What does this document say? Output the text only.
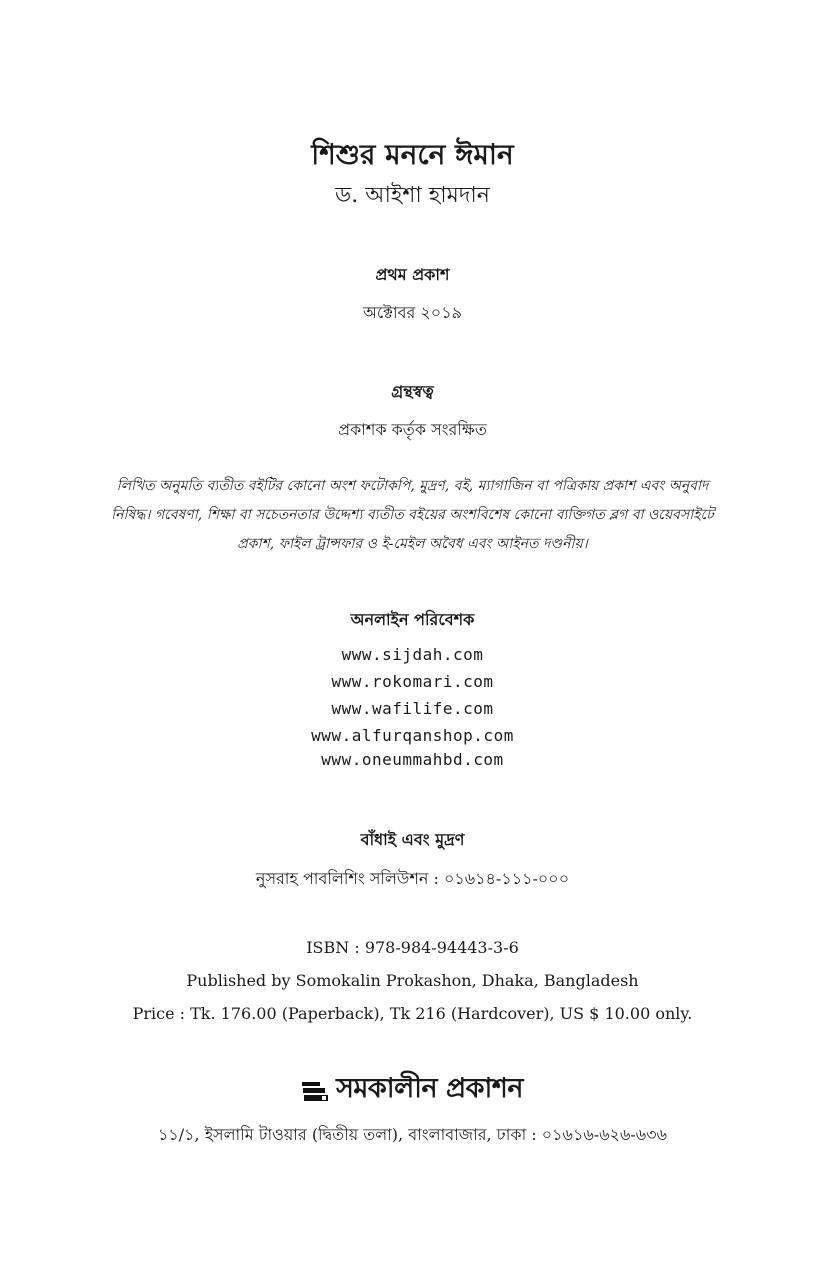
শিশুর মননে ঈমান
ড. আইশা হামদান
প্রথম প্রকাশ
অক্টোবর ২০১৯
গ্রন্থস্বত্ব
প্রকাশক কর্তৃক সংরক্ষিত
লিখিত অনুমতি ব্যতীত বইটির কোনো অংশ ফটোকপি, মুদ্রণ, বই, ম্যাগাজিন বা পত্রিকায় প্রকাশ এবং অনুবাদ নিষিদ্ধ। গবেষণা, শিক্ষা বা সচেতনতার উদ্দেশ্য ব্যতীত বইয়ের অংশবিশেষ কোনো ব্যক্তিগত ব্লগ বা ওয়েবসাইটে প্রকাশ, ফাইল ট্রান্সফার ও ই-মেইল অবৈধ এবং আইনত দণ্ডনীয়।
অনলাইন পরিবেশক
www.sijdah.com
www.rokomari.com
www.wafilife.com
www.alfurqanshop.com
www.oneummahbd.com
বাঁধাই এবং মুদ্রণ
নুসরাহ পাবলিশিং সলিউশন : ০১৬১৪-১১১-০০০
ISBN : 978-984-94443-3-6
Published by Somokalin Prokashon, Dhaka, Bangladesh
Price : Tk. 176.00 (Paperback), Tk 216 (Hardcover), US $ 10.00 only.
সমকালীন প্রকাশন
১১/১, ইসলামি টাওয়ার (দ্বিতীয় তলা), বাংলাবাজার, ঢাকা : ০১৬১৬-৬২৬-৬৩৬
